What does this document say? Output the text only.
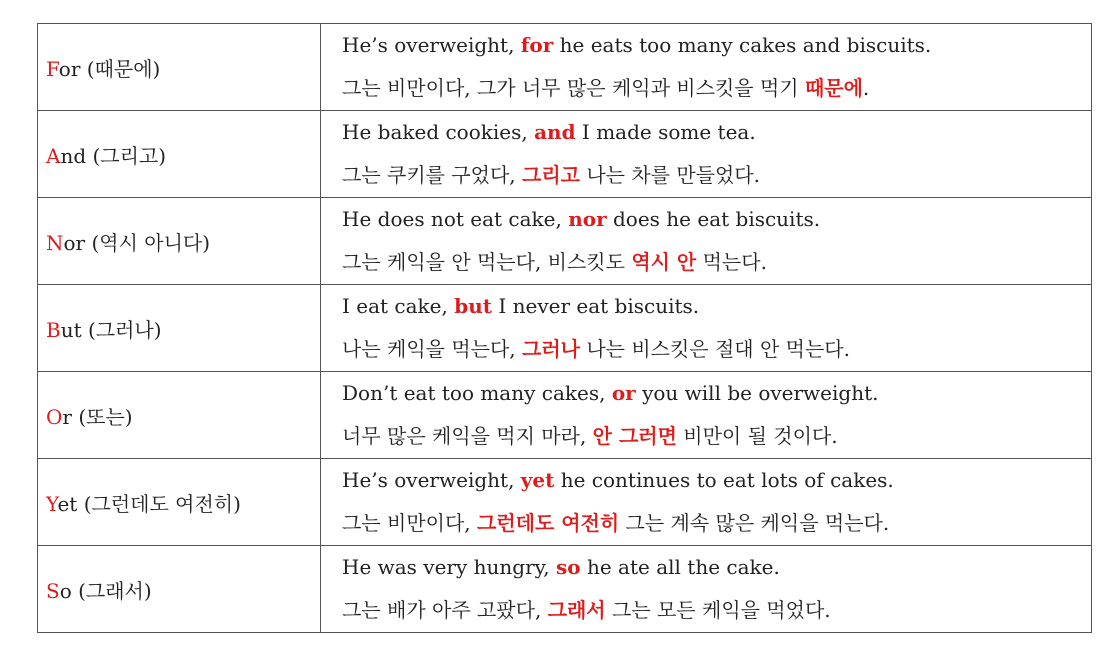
For (때문에)	He’s overweight, for he eats too many cakes and biscuits.
그는 비만이다, 그가 너무 많은 케익과 비스킷을 먹기 때문에.

And (그리고)	He baked cookies, and I made some tea.
그는 쿠키를 구었다, 그리고 나는 차를 만들었다.

Nor (역시 아니다)	He does not eat cake, nor does he eat biscuits.
그는 케익을 안 먹는다, 비스킷도 역시 안 먹는다.

But (그러나)	I eat cake, but I never eat biscuits.
나는 케익을 먹는다, 그러나 나는 비스킷은 절대 안 먹는다.

Or (또는)	Don’t eat too many cakes, or you will be overweight.
너무 많은 케익을 먹지 마라, 안 그러면 비만이 될 것이다.

Yet (그런데도 여전히)	He’s overweight, yet he continues to eat lots of cakes.
그는 비만이다, 그런데도 여전히 그는 계속 많은 케익을 먹는다.

So (그래서)	He was very hungry, so he ate all the cake.
그는 배가 아주 고팠다, 그래서 그는 모든 케익을 먹었다.
